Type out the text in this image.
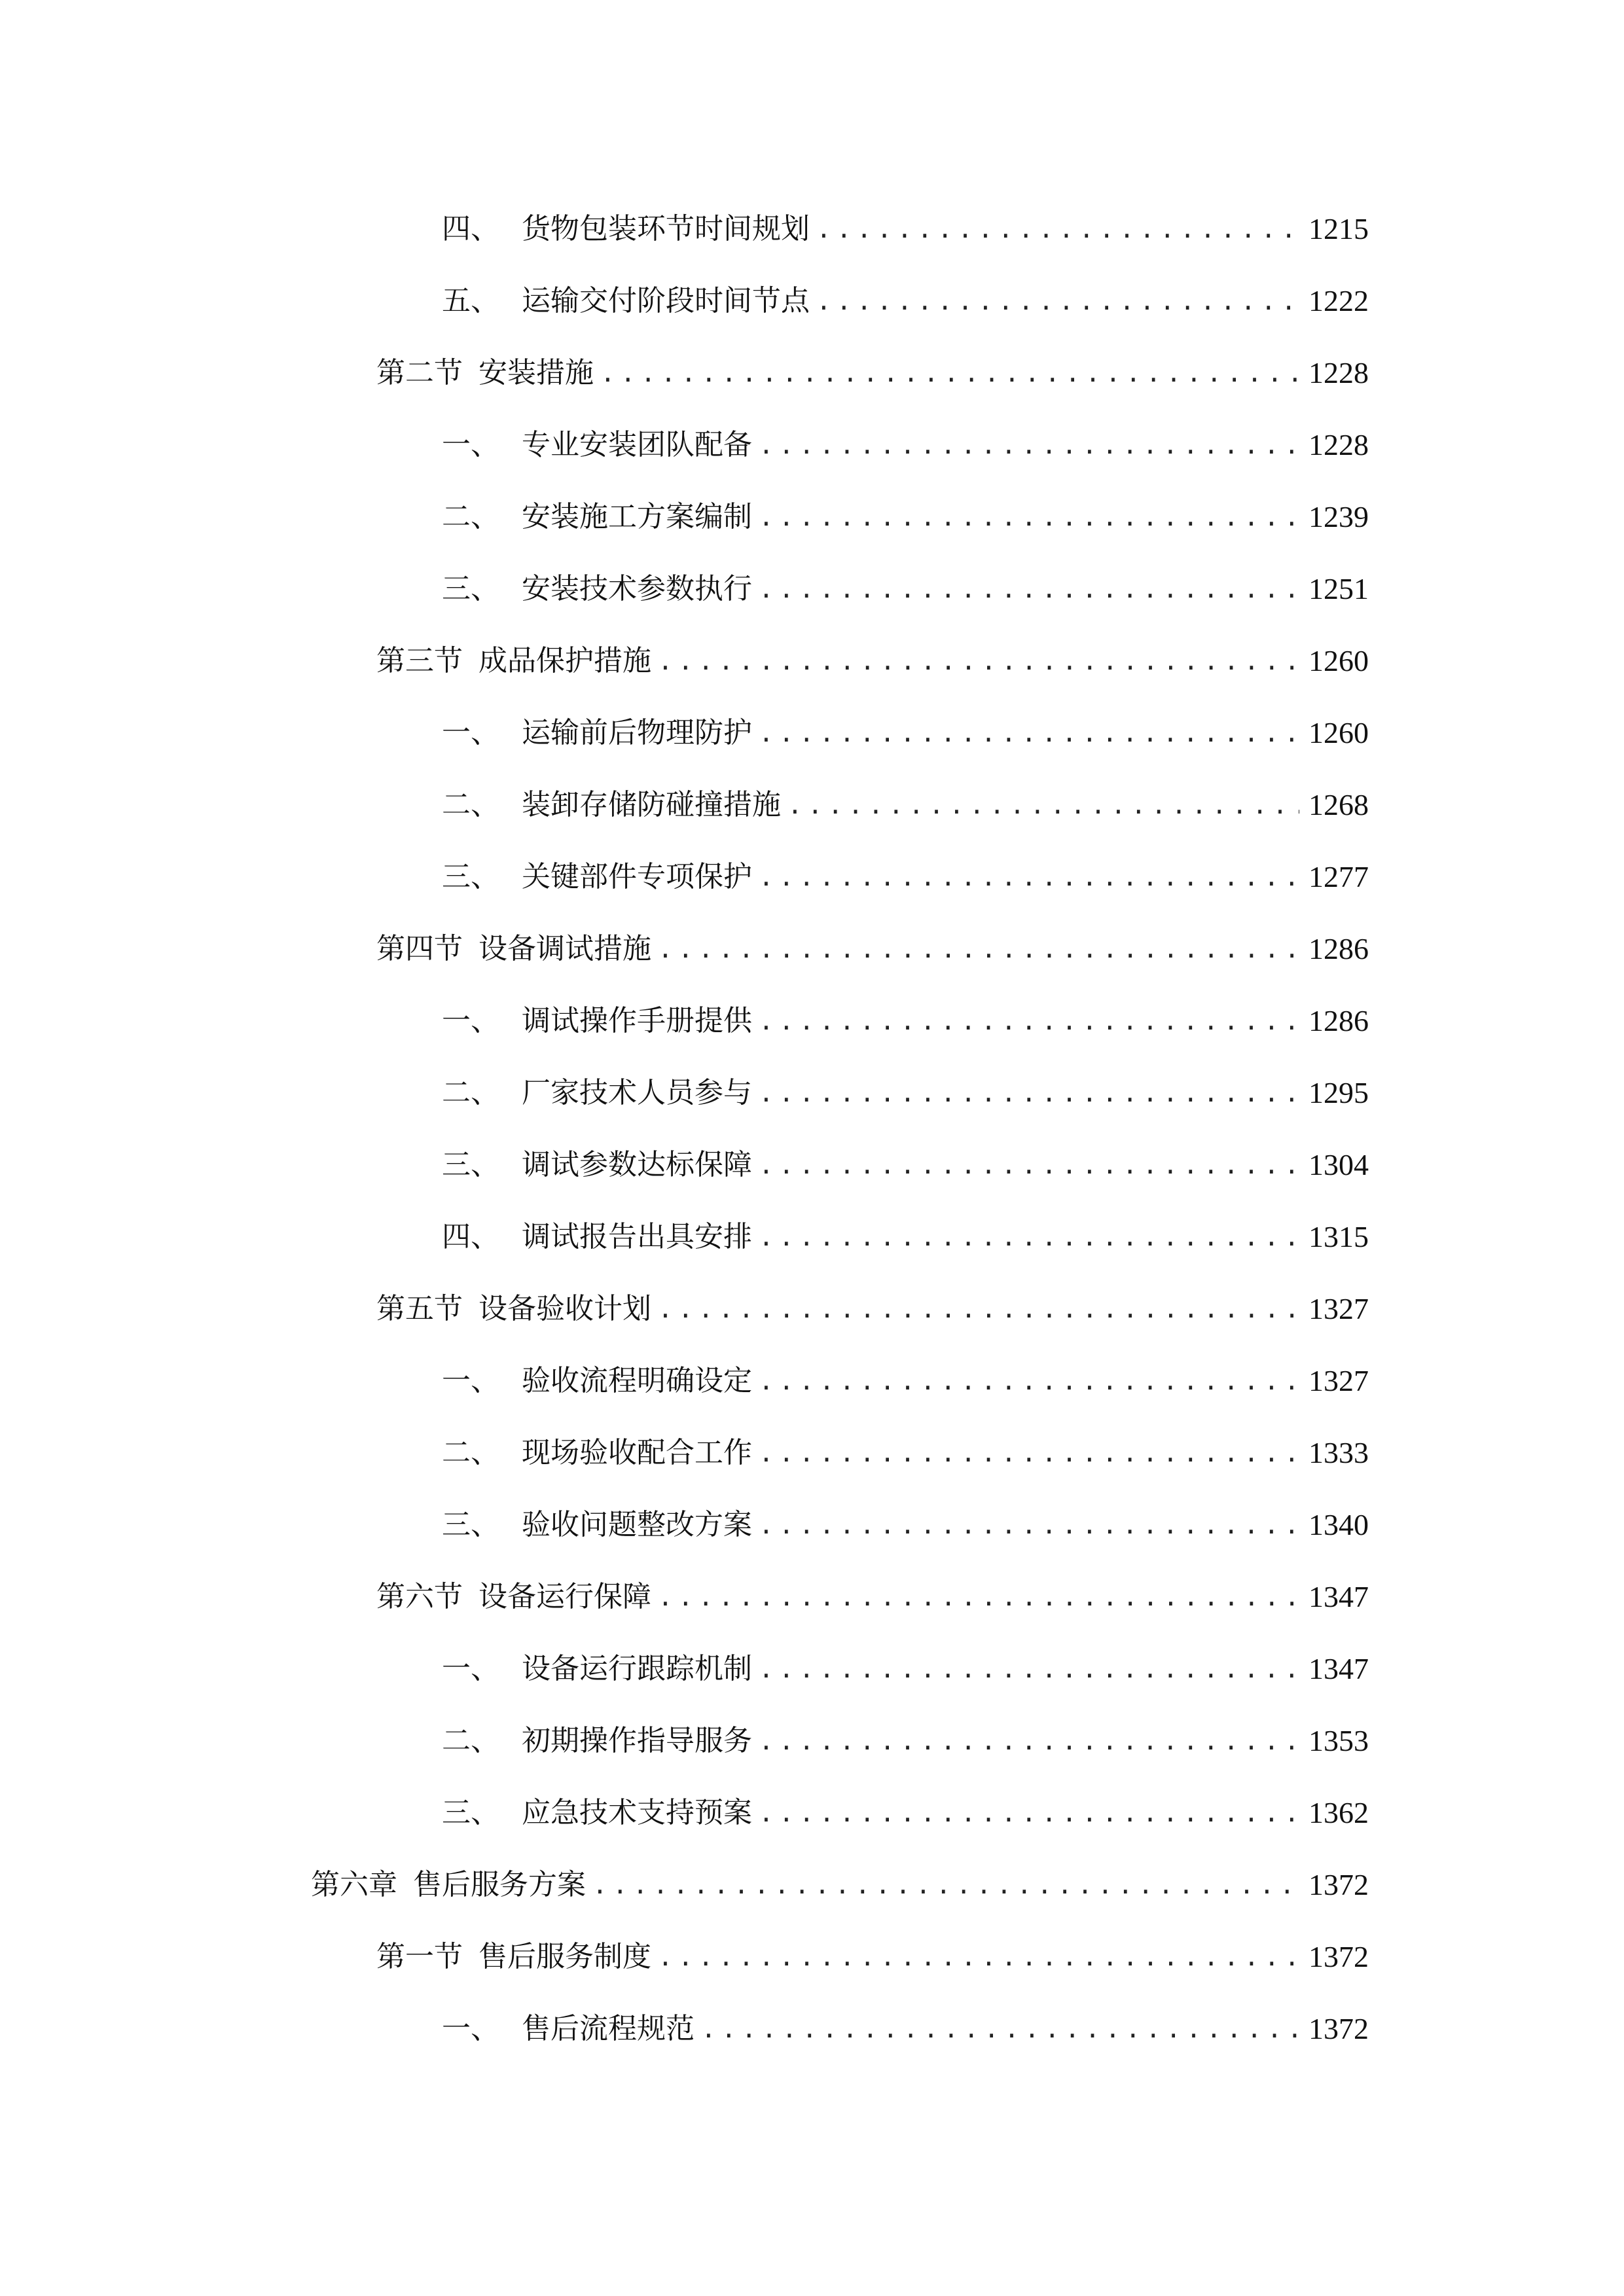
四、 货物包装环节时间规划 .....	1215
五、 运输交付阶段时间节点 .....	1222
第二节 安装措施 .....	1228
一、 专业安装团队配备 .....	1228
二、 安装施工方案编制 .....	1239
三、 安装技术参数执行 .....	1251
第三节 成品保护措施 .....	1260
一、 运输前后物理防护 .....	1260
二、 装卸存储防碰撞措施 .....	1268
三、 关键部件专项保护 .....	1277
第四节 设备调试措施 .....	1286
一、 调试操作手册提供 .....	1286
二、 厂家技术人员参与 .....	1295
三、 调试参数达标保障 .....	1304
四、 调试报告出具安排 .....	1315
第五节 设备验收计划 .....	1327
一、 验收流程明确设定 .....	1327
二、 现场验收配合工作 .....	1333
三、 验收问题整改方案 .....	1340
第六节 设备运行保障 .....	1347
一、 设备运行跟踪机制 .....	1347
二、 初期操作指导服务 .....	1353
三、 应急技术支持预案 .....	1362
第六章 售后服务方案 .....	1372
第一节 售后服务制度 .....	1372
一、 售后流程规范 .....	1372
